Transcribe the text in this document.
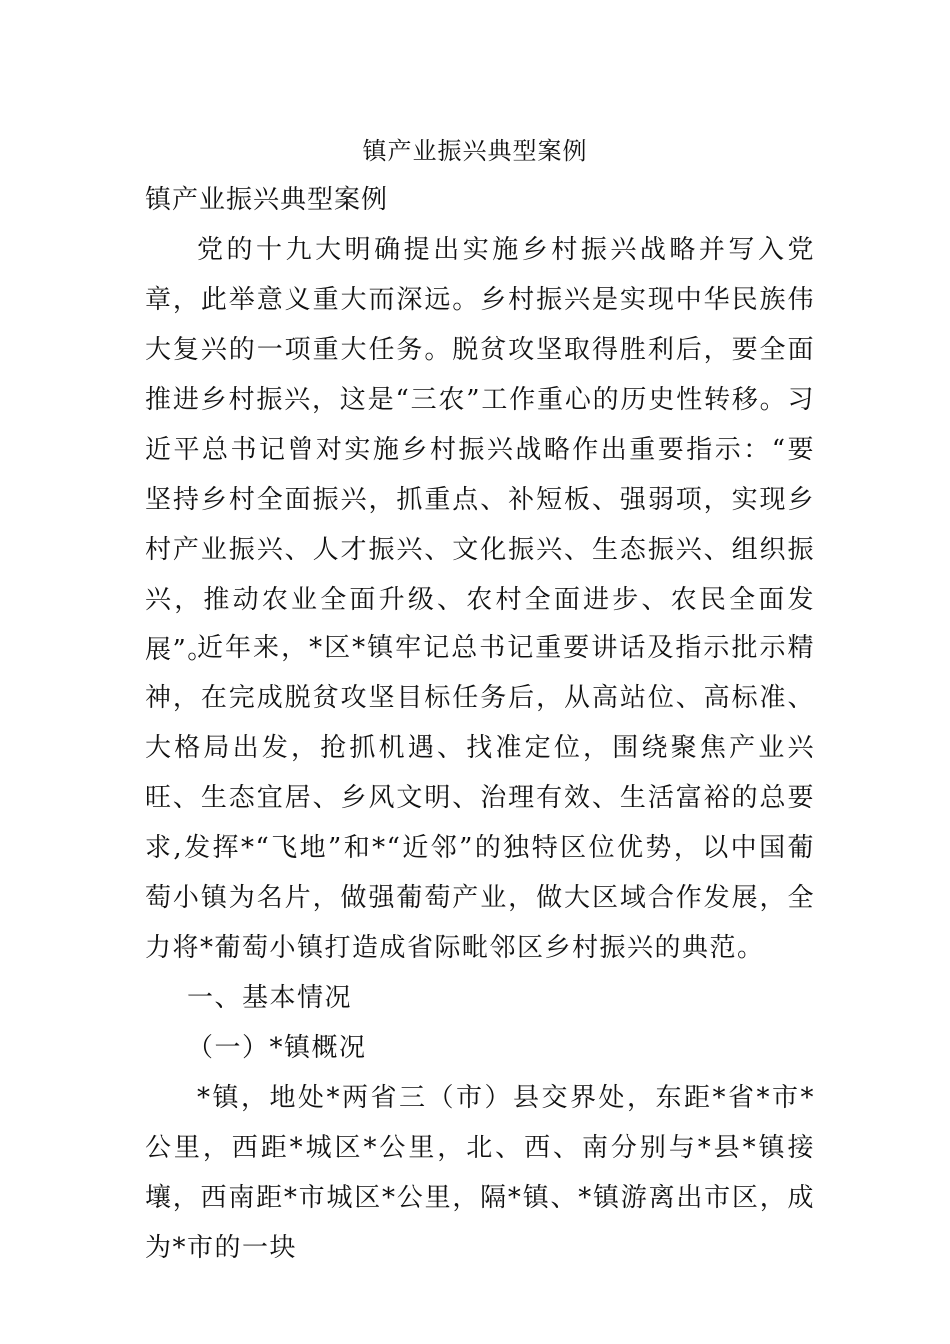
镇产业振兴典型案例

镇产业振兴典型案例

党的十九大明确提出实施乡村振兴战略并写入党章，此举意义重大而深远。乡村振兴是实现中华民族伟大复兴的一项重大任务。脱贫攻坚取得胜利后，要全面推进乡村振兴，这是“三农”工作重心的历史性转移。习近平总书记曾对实施乡村振兴战略作出重要指示：“要坚持乡村全面振兴，抓重点、补短板、强弱项，实现乡村产业振兴、人才振兴、文化振兴、生态振兴、组织振兴，推动农业全面升级、农村全面进步、农民全面发展”。

近年来，*区*镇牢记总书记重要讲话及指示批示精神，在完成脱贫攻坚目标任务后，从高站位、高标准、大格局出发，抢抓机遇、找准定位，围绕聚焦产业兴旺、生态宜居、乡风文明、治理有效、生活富裕的总要求,发挥*“飞地”和*“近邻”的独特区位优势，以中国葡萄小镇为名片，做强葡萄产业，做大区域合作发展，全力将*葡萄小镇打造成省际毗邻区乡村振兴的典范。

一、基本情况

（一）*镇概况

*镇，地处*两省三（市）县交界处，东距*省*市*公里，西距*城区*公里，北、西、南分别与*县*镇接壤，西南距*市城区*公里，隔*镇、*镇游离出市区，成为*市的一块
